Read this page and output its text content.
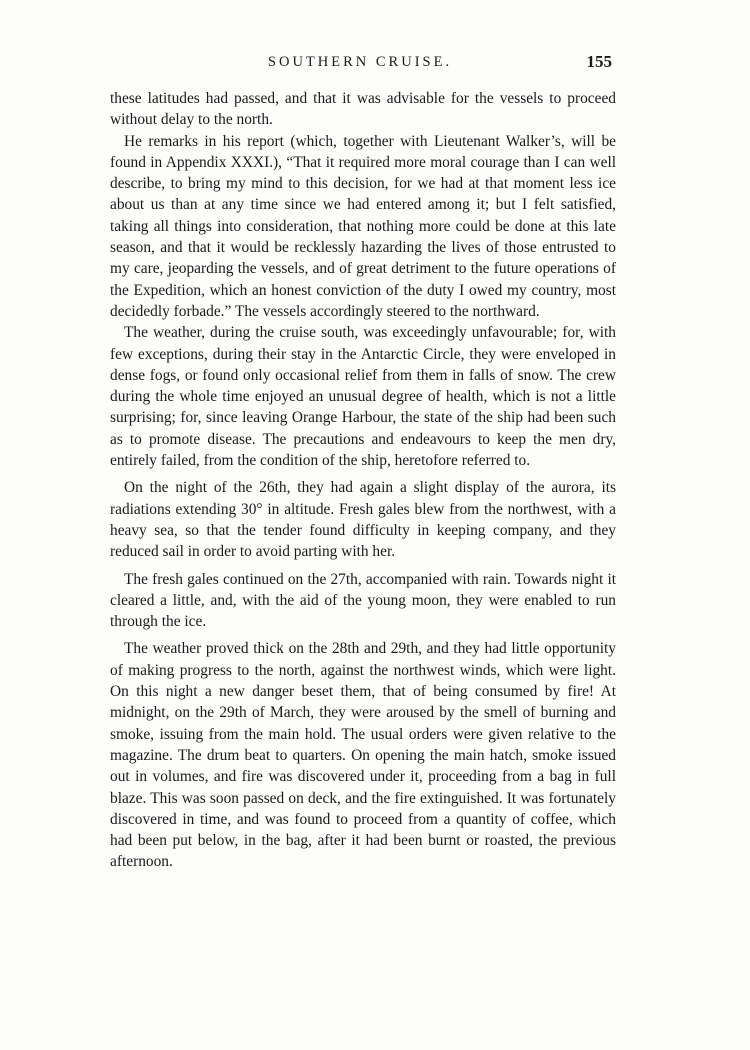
SOUTHERN CRUISE.	155

these latitudes had passed, and that it was advisable for the vessels to proceed without delay to the north.

He remarks in his report (which, together with Lieutenant Walker’s, will be found in Appendix XXXI.), “That it required more moral courage than I can well describe, to bring my mind to this decision, for we had at that moment less ice about us than at any time since we had entered among it; but I felt satisfied, taking all things into consideration, that nothing more could be done at this late season, and that it would be recklessly hazarding the lives of those entrusted to my care, jeoparding the vessels, and of great detriment to the future operations of the Expedition, which an honest conviction of the duty I owed my country, most decidedly forbade.” The vessels accordingly steered to the northward.

The weather, during the cruise south, was exceedingly unfavourable; for, with few exceptions, during their stay in the Antarctic Circle, they were enveloped in dense fogs, or found only occasional relief from them in falls of snow. The crew during the whole time enjoyed an unusual degree of health, which is not a little surprising; for, since leaving Orange Harbour, the state of the ship had been such as to promote disease. The precautions and endeavours to keep the men dry, entirely failed, from the condition of the ship, heretofore referred to.

On the night of the 26th, they had again a slight display of the aurora, its radiations extending 30° in altitude. Fresh gales blew from the northwest, with a heavy sea, so that the tender found difficulty in keeping company, and they reduced sail in order to avoid parting with her.

The fresh gales continued on the 27th, accompanied with rain. Towards night it cleared a little, and, with the aid of the young moon, they were enabled to run through the ice.

The weather proved thick on the 28th and 29th, and they had little opportunity of making progress to the north, against the northwest winds, which were light. On this night a new danger beset them, that of being consumed by fire! At midnight, on the 29th of March, they were aroused by the smell of burning and smoke, issuing from the main hold. The usual orders were given relative to the magazine. The drum beat to quarters. On opening the main hatch, smoke issued out in volumes, and fire was discovered under it, proceeding from a bag in full blaze. This was soon passed on deck, and the fire extinguished. It was fortunately discovered in time, and was found to proceed from a quantity of coffee, which had been put below, in the bag, after it had been burnt or roasted, the previous afternoon.
